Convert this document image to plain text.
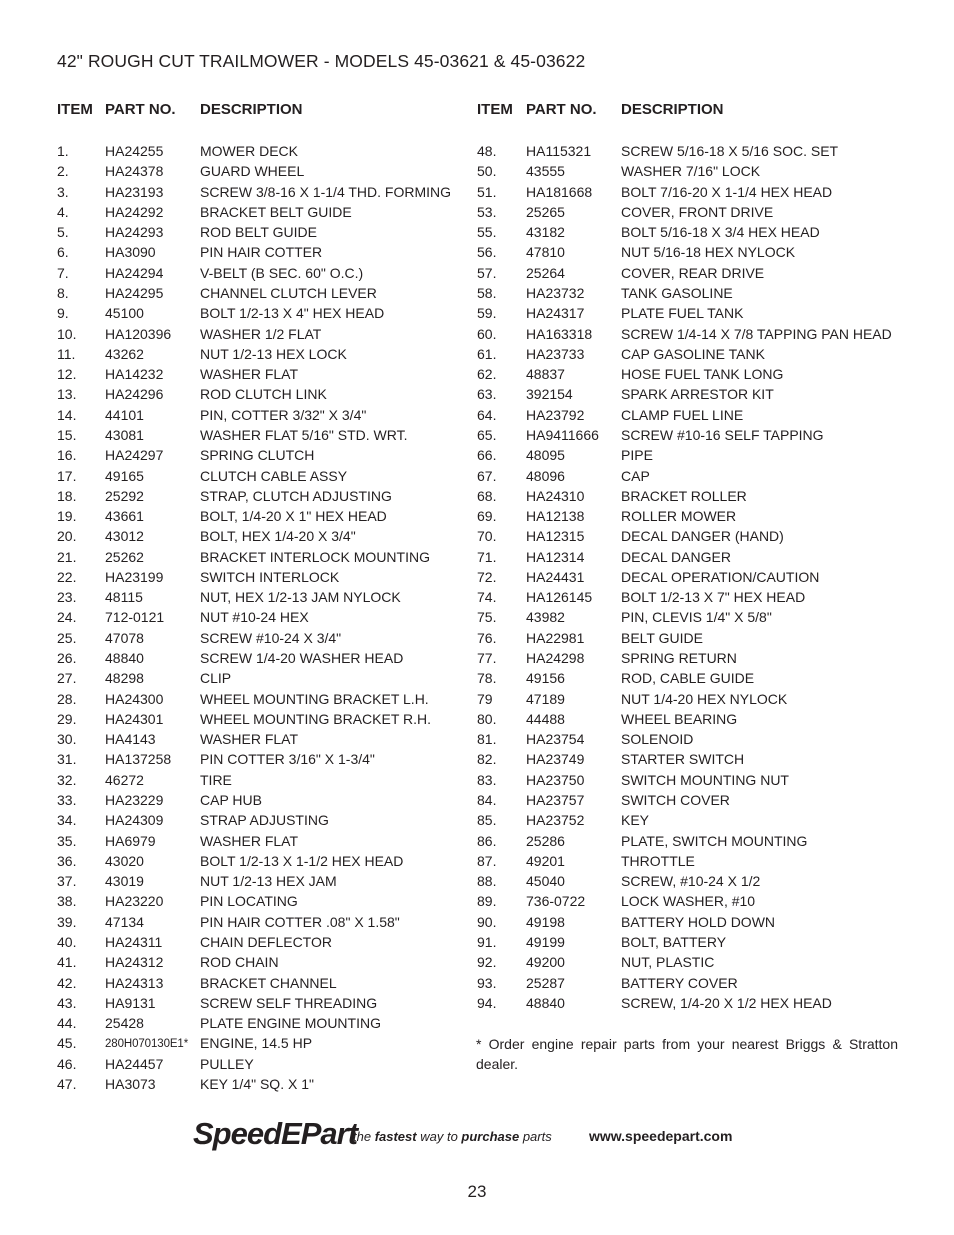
42" ROUGH CUT TRAILMOWER - MODELS 45-03621 & 45-03622
ITEM PART NO. DESCRIPTION	ITEM PART NO. DESCRIPTION
1.	HA24255	MOWER DECK
2.	HA24378	GUARD WHEEL
3.	HA23193	SCREW 3/8-16 X 1-1/4 THD. FORMING
4.	HA24292	BRACKET BELT GUIDE
5.	HA24293	ROD BELT GUIDE
6.	HA3090	PIN HAIR COTTER
7.	HA24294	V-BELT (B SEC. 60" O.C.)
8.	HA24295	CHANNEL CLUTCH LEVER
9.	45100	BOLT 1/2-13 X 4" HEX HEAD
10. HA120396 WASHER 1/2 FLAT
11. 43262	NUT 1/2-13 HEX LOCK
12. HA14232	WASHER FLAT
13. HA24296	ROD CLUTCH LINK
14. 44101	PIN, COTTER 3/32" X 3/4"
15. 43081	WASHER FLAT 5/16" STD. WRT.
16. HA24297	SPRING CLUTCH
17. 49165	CLUTCH CABLE ASSY
18. 25292	STRAP, CLUTCH ADJUSTING
19. 43661	BOLT, 1/4-20 X 1" HEX HEAD
20. 43012	BOLT, HEX 1/4-20 X 3/4"
21. 25262	BRACKET INTERLOCK MOUNTING
22. HA23199	SWITCH INTERLOCK
23. 48115	NUT, HEX 1/2-13 JAM NYLOCK
24. 712-0121	NUT #10-24 HEX
25. 47078	SCREW #10-24 X 3/4"
26. 48840	SCREW 1/4-20 WASHER HEAD
27. 48298	CLIP
28. HA24300	WHEEL MOUNTING BRACKET L.H.
29. HA24301	WHEEL MOUNTING BRACKET R.H.
30. HA4143	WASHER FLAT
31. HA137258 PIN COTTER 3/16" X 1-3/4"
32. 46272	TIRE
33. HA23229	CAP HUB
34. HA24309	STRAP ADJUSTING
35. HA6979	WASHER FLAT
36. 43020	BOLT 1/2-13 X 1-1/2 HEX HEAD
37. 43019	NUT 1/2-13 HEX JAM
38. HA23220	PIN LOCATING
39. 47134	PIN HAIR COTTER .08" X 1.58"
40. HA24311	CHAIN DEFLECTOR
41. HA24312	ROD CHAIN
42. HA24313	BRACKET CHANNEL
43. HA9131	SCREW SELF THREADING
44. 25428	PLATE ENGINE MOUNTING
45. 280H070130E1* ENGINE, 14.5 HP
46. HA24457	PULLEY
47. HA3073	KEY 1/4" SQ. X 1"
48. HA115321 SCREW 5/16-18 X 5/16 SOC. SET
50. 43555	WASHER 7/16" LOCK
51. HA181668 BOLT 7/16-20 X 1-1/4 HEX HEAD
53. 25265	COVER, FRONT DRIVE
55. 43182	BOLT 5/16-18 X 3/4 HEX HEAD
56. 47810	NUT 5/16-18 HEX NYLOCK
57. 25264	COVER, REAR DRIVE
58. HA23732	TANK GASOLINE
59. HA24317	PLATE FUEL TANK
60. HA163318 SCREW 1/4-14 X 7/8 TAPPING PAN HEAD
61. HA23733	CAP GASOLINE TANK
62. 48837	HOSE FUEL TANK LONG
63. 392154	SPARK ARRESTOR KIT
64. HA23792	CLAMP FUEL LINE
65. HA9411666 SCREW #10-16 SELF TAPPING
66. 48095	PIPE
67. 48096	CAP
68. HA24310	BRACKET ROLLER
69. HA12138	ROLLER MOWER
70. HA12315	DECAL DANGER (HAND)
71. HA12314	DECAL DANGER
72. HA24431	DECAL OPERATION/CAUTION
74. HA126145 BOLT 1/2-13 X 7" HEX HEAD
75. 43982	PIN, CLEVIS 1/4" X 5/8"
76. HA22981	BELT GUIDE
77. HA24298	SPRING RETURN
78. 49156	ROD, CABLE GUIDE
79 47189	NUT 1/4-20 HEX NYLOCK
80. 44488	WHEEL BEARING
81. HA23754	SOLENOID
82. HA23749	STARTER SWITCH
83. HA23750	SWITCH MOUNTING NUT
84. HA23757	SWITCH COVER
85. HA23752	KEY
86. 25286	PLATE, SWITCH MOUNTING
87. 49201	THROTTLE
88. 45040	SCREW, #10-24 X 1/2
89. 736-0722	LOCK WASHER, #10
90. 49198	BATTERY HOLD DOWN
91. 49199	BOLT, BATTERY
92. 49200	NUT, PLASTIC
93. 25287	BATTERY COVER
94. 48840	SCREW, 1/4-20 X 1/2 HEX HEAD
* Order engine repair parts from your nearest Briggs & Stratton dealer.
SpeedEPart
the fastest way to purchase parts	www.speedepart.com
23
